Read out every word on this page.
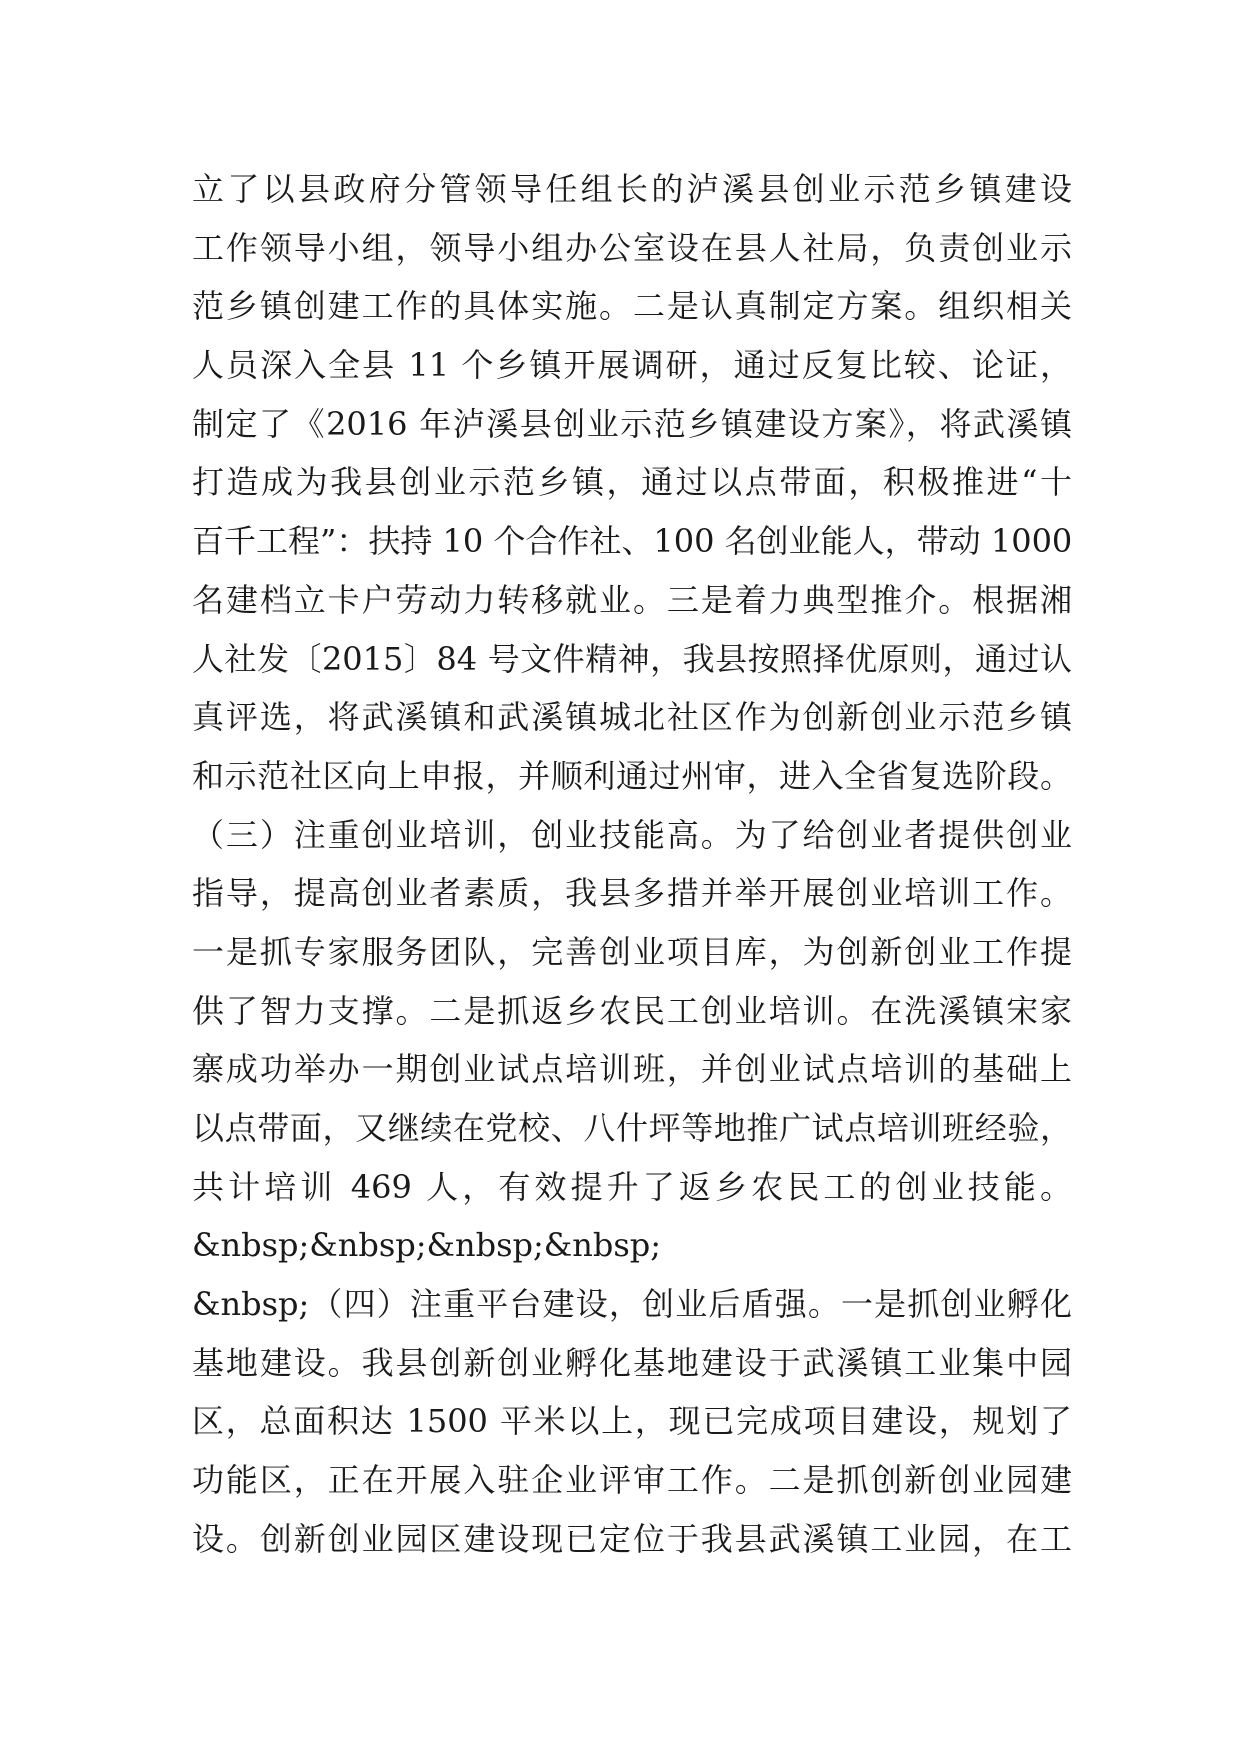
立了以县政府分管领导任组长的泸溪县创业示范乡镇建设
工作领导小组，领导小组办公室设在县人社局，负责创业示
范乡镇创建工作的具体实施。二是认真制定方案。组织相关
人员深入全县 11 个乡镇开展调研，通过反复比较、论证，
制定了《2016 年泸溪县创业示范乡镇建设方案》，将武溪镇
打造成为我县创业示范乡镇，通过以点带面，积极推进“十
百千工程”：扶持 10 个合作社、100 名创业能人，带动 1000
名建档立卡户劳动力转移就业。三是着力典型推介。根据湘
人社发〔2015〕84 号文件精神，我县按照择优原则，通过认
真评选，将武溪镇和武溪镇城北社区作为创新创业示范乡镇
和示范社区向上申报，并顺利通过州审，进入全省复选阶段。
（三）注重创业培训，创业技能高。为了给创业者提供创业
指导，提高创业者素质，我县多措并举开展创业培训工作。
一是抓专家服务团队，完善创业项目库，为创新创业工作提
供了智力支撑。二是抓返乡农民工创业培训。在洗溪镇宋家
寨成功举办一期创业试点培训班，并创业试点培训的基础上
以点带面，又继续在党校、八什坪等地推广试点培训班经验，
共计培训 469 人，有效提升了返乡农民工的创业技能。
&nbsp;&nbsp;&nbsp;&nbsp;
&nbsp;（四）注重平台建设，创业后盾强。一是抓创业孵化
基地建设。我县创新创业孵化基地建设于武溪镇工业集中园
区，总面积达 1500 平米以上，现已完成项目建设，规划了
功能区，正在开展入驻企业评审工作。二是抓创新创业园建
设。创新创业园区建设现已定位于我县武溪镇工业园，在工
